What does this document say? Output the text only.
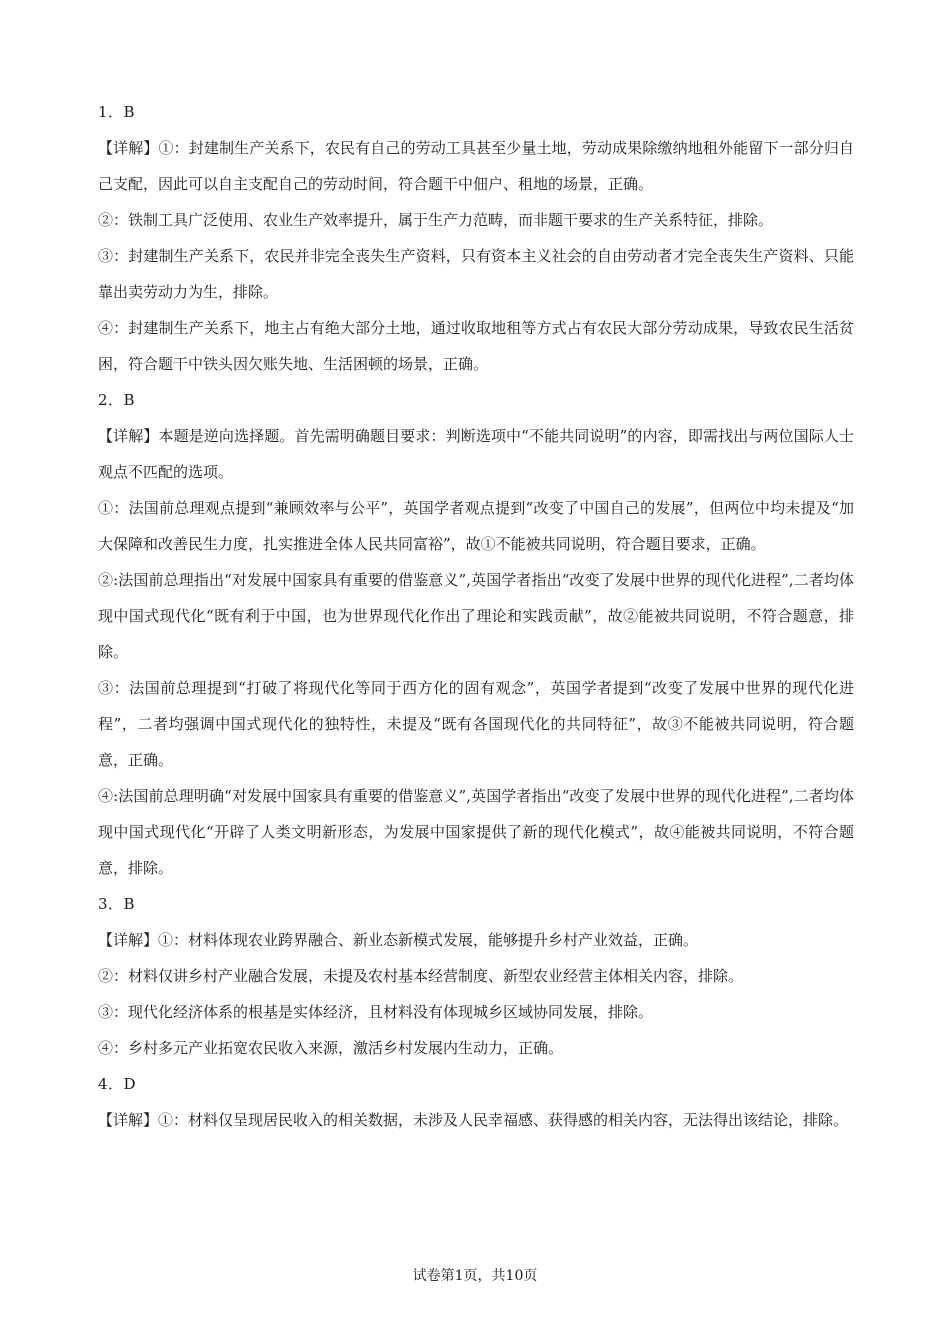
1．B

【详解】①：封建制生产关系下，农民有自己的劳动工具甚至少量土地，劳动成果除缴纳地租外能留下一部分归自己支配，因此可以自主支配自己的劳动时间，符合题干中佃户、租地的场景，正确。

②：铁制工具广泛使用、农业生产效率提升，属于生产力范畴，而非题干要求的生产关系特征，排除。

③：封建制生产关系下，农民并非完全丧失生产资料，只有资本主义社会的自由劳动者才完全丧失生产资料、只能靠出卖劳动力为生，排除。

④：封建制生产关系下，地主占有绝大部分土地，通过收取地租等方式占有农民大部分劳动成果，导致农民生活贫困，符合题干中铁头因欠账失地、生活困顿的场景，正确。

2．B

【详解】本题是逆向选择题。首先需明确题目要求：判断选项中“不能共同说明”的内容，即需找出与两位国际人士观点不匹配的选项。

①：法国前总理观点提到“兼顾效率与公平”，英国学者观点提到“改变了中国自己的发展”，但两位中均未提及“加大保障和改善民生力度，扎实推进全体人民共同富裕”，故①不能被共同说明，符合题目要求，正确。

②:法国前总理指出“对发展中国家具有重要的借鉴意义”,英国学者指出“改变了发展中世界的现代化进程”,二者均体现中国式现代化“既有利于中国，也为世界现代化作出了理论和实践贡献”，故②能被共同说明，不符合题意，排除。

③：法国前总理提到“打破了将现代化等同于西方化的固有观念”，英国学者提到“改变了发展中世界的现代化进程”，二者均强调中国式现代化的独特性，未提及“既有各国现代化的共同特征”，故③不能被共同说明，符合题意，正确。

④:法国前总理明确“对发展中国家具有重要的借鉴意义”,英国学者指出“改变了发展中世界的现代化进程”,二者均体现中国式现代化“开辟了人类文明新形态，为发展中国家提供了新的现代化模式”，故④能被共同说明，不符合题意，排除。

3．B

【详解】①：材料体现农业跨界融合、新业态新模式发展，能够提升乡村产业效益，正确。

②：材料仅讲乡村产业融合发展，未提及农村基本经营制度、新型农业经营主体相关内容，排除。

③：现代化经济体系的根基是实体经济，且材料没有体现城乡区域协同发展，排除。

④：乡村多元产业拓宽农民收入来源，激活乡村发展内生动力，正确。

4．D

【详解】①：材料仅呈现居民收入的相关数据，未涉及人民幸福感、获得感的相关内容，无法得出该结论，排除。

试卷第1页，共10页
